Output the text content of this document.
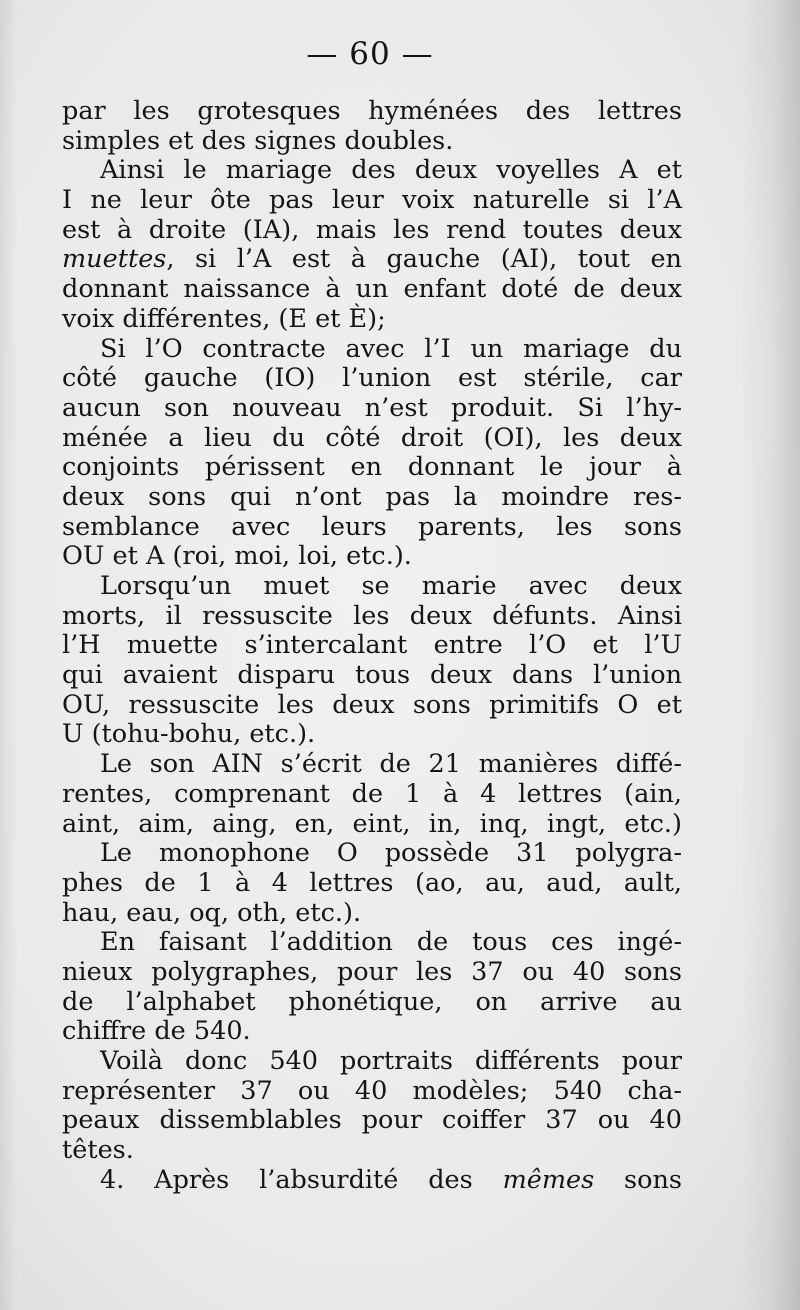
— 60 —
par les grotesques hyménées des lettres
simples et des signes doubles.
Ainsi le mariage des deux voyelles A et
I ne leur ôte pas leur voix naturelle si l’A
est à droite (IA), mais les rend toutes deux
muettes, si l’A est à gauche (AI), tout en
donnant naissance à un enfant doté de deux
voix différentes, (E et È);
Si l’O contracte avec l’I un mariage du
côté gauche (IO) l’union est stérile, car
aucun son nouveau n’est produit. Si l’hy-
ménée a lieu du côté droit (OI), les deux
conjoints périssent en donnant le jour à
deux sons qui n’ont pas la moindre res-
semblance avec leurs parents, les sons
OU et A (roi, moi, loi, etc.).
Lorsqu’un muet se marie avec deux
morts, il ressuscite les deux défunts. Ainsi
l’H muette s’intercalant entre l’O et l’U
qui avaient disparu tous deux dans l’union
OU, ressuscite les deux sons primitifs O et
U (tohu-bohu, etc.).
Le son AIN s’écrit de 21 manières diffé-
rentes, comprenant de 1 à 4 lettres (ain,
aint, aim, aing, en, eint, in, inq, ingt, etc.)
Le monophone O possède 31 polygra-
phes de 1 à 4 lettres (ao, au, aud, ault,
hau, eau, oq, oth, etc.).
En faisant l’addition de tous ces ingé-
nieux polygraphes, pour les 37 ou 40 sons
de l’alphabet phonétique, on arrive au
chiffre de 540.
Voilà donc 540 portraits différents pour
représenter 37 ou 40 modèles; 540 cha-
peaux dissemblables pour coiffer 37 ou 40
têtes.
4. Après l’absurdité des mêmes sons
